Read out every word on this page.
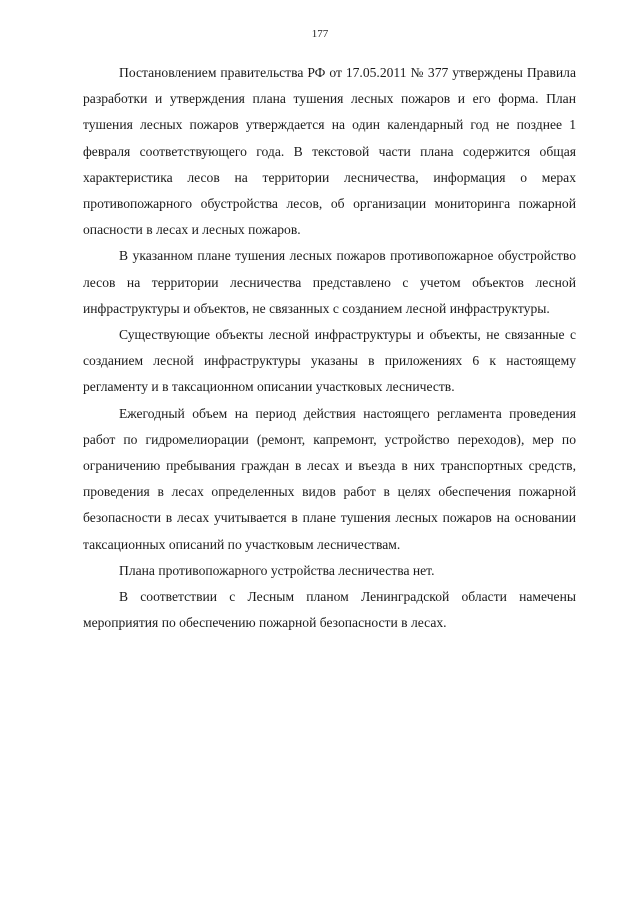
177

Постановлением правительства РФ от 17.05.2011 № 377 утверждены Правила разработки и утверждения плана тушения лесных пожаров и его форма. План тушения лесных пожаров утверждается на один календарный год не позднее 1 февраля соответствующего года. В текстовой части плана содержится общая характеристика лесов на территории лесничества, информация о мерах противопожарного обустройства лесов, об организации мониторинга пожарной опасности в лесах и лесных пожаров.

В указанном плане тушения лесных пожаров противопожарное обустройство лесов на территории лесничества представлено с учетом объектов лесной инфраструктуры и объектов, не связанных с созданием лесной инфраструктуры.

Существующие объекты лесной инфраструктуры и объекты, не связанные с созданием лесной инфраструктуры указаны в приложениях 6 к настоящему регламенту и в таксационном описании участковых лесничеств.

Ежегодный объем на период действия настоящего регламента проведения работ по гидромелиорации (ремонт, капремонт, устройство переходов), мер по ограничению пребывания граждан в лесах и въезда в них транспортных средств, проведения в лесах определенных видов работ в целях обеспечения пожарной безопасности в лесах учитывается в плане тушения лесных пожаров на основании таксационных описаний по участковым лесничествам.

Плана противопожарного устройства лесничества нет.

В соответствии с Лесным планом Ленинградской области намечены мероприятия по обеспечению пожарной безопасности в лесах.
